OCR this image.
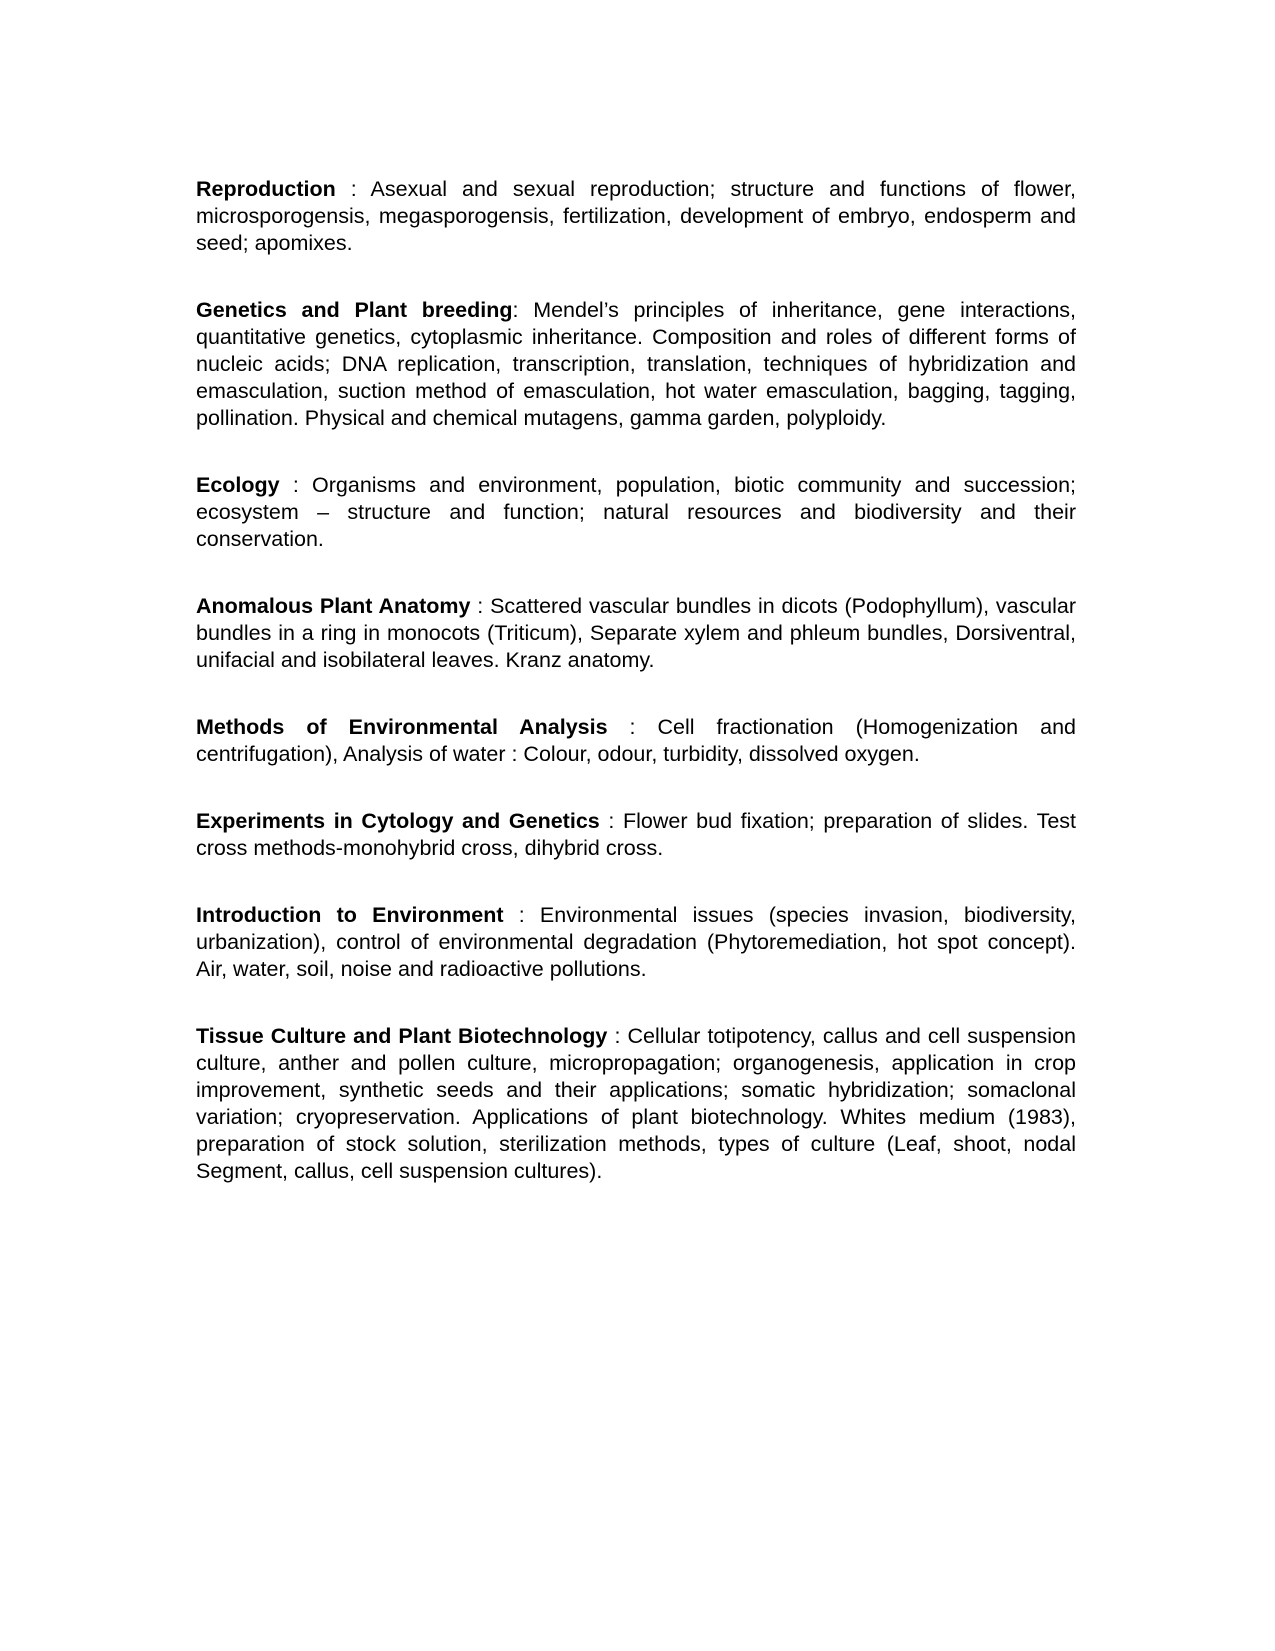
Reproduction : Asexual and sexual reproduction; structure and functions of flower, microsporogensis, megasporogensis, fertilization, development of embryo, endosperm and seed; apomixes.

Genetics and Plant breeding: Mendel’s principles of inheritance, gene interactions, quantitative genetics, cytoplasmic inheritance. Composition and roles of different forms of nucleic acids; DNA replication, transcription, translation, techniques of hybridization and emasculation, suction method of emasculation, hot water emasculation, bagging, tagging, pollination. Physical and chemical mutagens, gamma garden, polyploidy.

Ecology : Organisms and environment, population, biotic community and succession; ecosystem – structure and function; natural resources and biodiversity and their conservation.

Anomalous Plant Anatomy : Scattered vascular bundles in dicots (Podophyllum), vascular bundles in a ring in monocots (Triticum), Separate xylem and phleum bundles, Dorsiventral, unifacial and isobilateral leaves. Kranz anatomy.

Methods of Environmental Analysis : Cell fractionation (Homogenization and centrifugation), Analysis of water : Colour, odour, turbidity, dissolved oxygen.

Experiments in Cytology and Genetics : Flower bud fixation; preparation of slides. Test cross methods-monohybrid cross, dihybrid cross.

Introduction to Environment : Environmental issues (species invasion, biodiversity, urbanization), control of environmental degradation (Phytoremediation, hot spot concept). Air, water, soil, noise and radioactive pollutions.

Tissue Culture and Plant Biotechnology : Cellular totipotency, callus and cell suspension culture, anther and pollen culture, micropropagation; organogenesis, application in crop improvement, synthetic seeds and their applications; somatic hybridization; somaclonal variation; cryopreservation. Applications of plant biotechnology. Whites medium (1983), preparation of stock solution, sterilization methods, types of culture (Leaf, shoot, nodal Segment, callus, cell suspension cultures).
